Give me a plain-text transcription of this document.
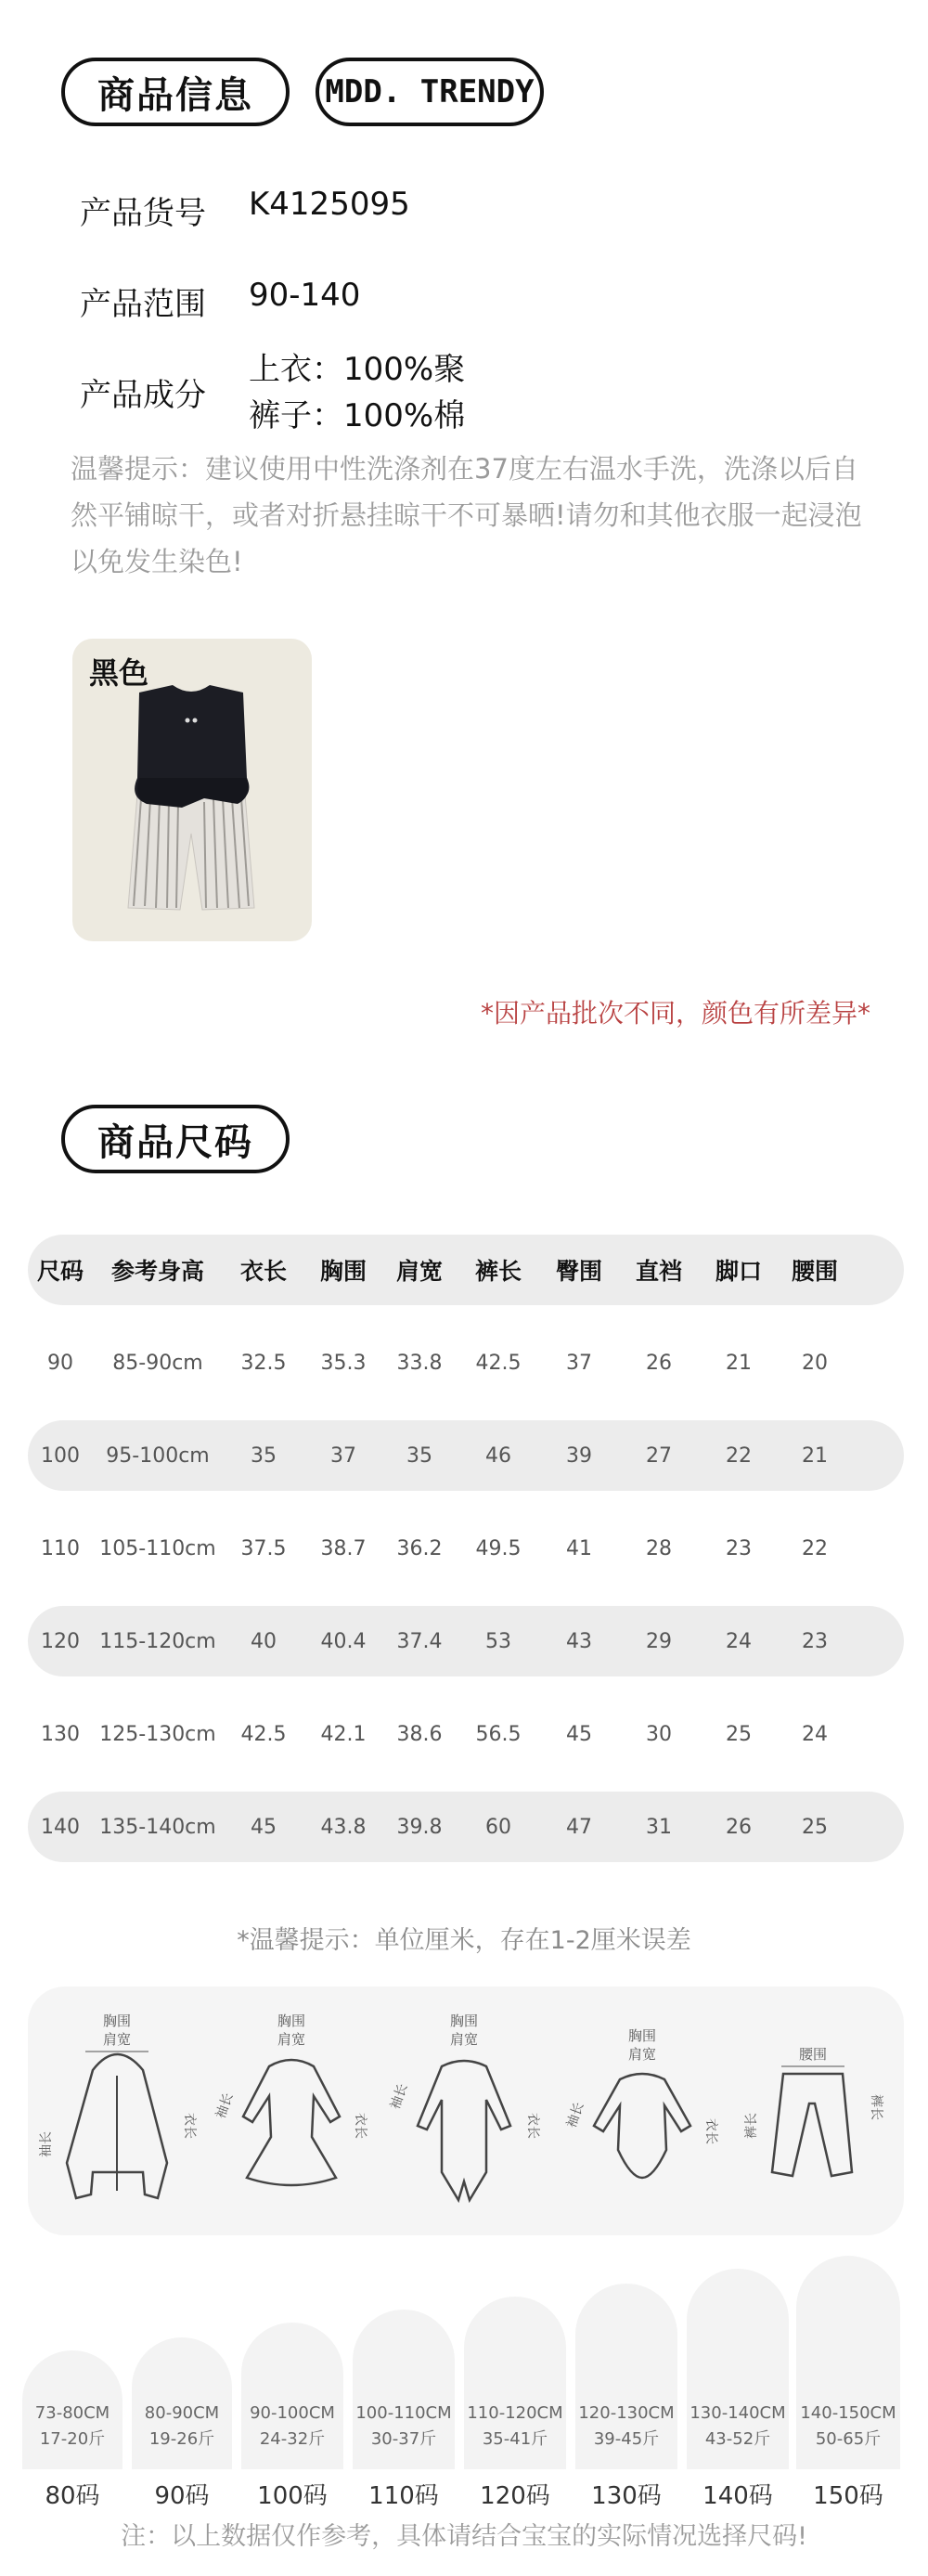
商品信息	MDD. TRENDY
产品货号 K4125095
产品范围 90-140
产品成分
上衣：100%聚
裤子：100%棉
温馨提示：建议使用中性洗涤剂在37度左右温水手洗，洗涤以后自然平铺晾干，或者对折悬挂晾干不可暴晒!请勿和其他衣服一起浸泡以免发生染色!
黑色
*因产品批次不同，颜色有所差异*
商品尺码
尺码	参考身高	衣长	胸围	肩宽	裤长	臀围	直裆	脚口	腰围
90	85-90cm	32.5	35.3	33.8	42.5	37	26	21	20
100	95-100cm	35	37	35	46	39	27	22	21
110 105-110cm	37.5	38.7	36.2	49.5	41	28	23	22
120 115-120cm	40	40.4	37.4	53	43	29	24	23
130 125-130cm	42.5	42.1	38.6	56.5	45	30	25	24
140 135-140cm	45	43.8	39.8	60	47	31	26	25
*温馨提示：单位厘米，存在1-2厘米误差
胸围
肩宽
袖长
衣长
胸围
肩宽
袖长
衣长
胸围
肩宽
袖长
衣长
胸围
肩宽
袖长
衣长
腰围
裤长
裤长
73-80CM
17-20斤
80-90CM
19-26斤
90-100CM
24-32斤
100-110CM
30-37斤
110-120CM
35-41斤
120-130CM
39-45斤
130-140CM
43-52斤
140-150CM
50-65斤
80码	90码	100码	110码	120码	130码	140码	150码
注：以上数据仅作参考，具体请结合宝宝的实际情况选择尺码!
